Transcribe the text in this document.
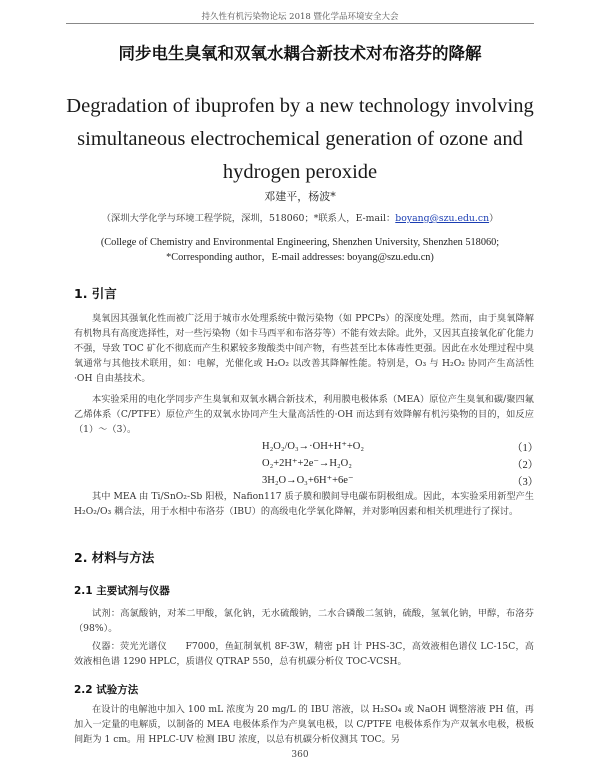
持久性有机污染物论坛 2018 暨化学品环境安全大会
同步电生臭氧和双氧水耦合新技术对布洛芬的降解
Degradation of ibuprofen by a new technology involving simultaneous electrochemical generation of ozone and hydrogen peroxide
邓建平，杨波*
（深圳大学化学与环境工程学院，深圳，518060；*联系人，E-mail：boyang@szu.edu.cn）
(College of Chemistry and Environmental Engineering, Shenzhen University, Shenzhen 518060;
*Corresponding author，E-mail addresses: boyang@szu.edu.cn)
1. 引言
臭氧因其强氧化性而被广泛用于城市水处理系统中微污染物（如 PPCPs）的深度处理。然而，由于臭氧降解有机物具有高度选择性，对一些污染物（如卡马西平和布洛芬等）不能有效去除。此外，又因其直接氧化矿化能力不强，导致 TOC 矿化不彻底而产生积累较多羧酸类中间产物，有些甚至比本体毒性更强。因此在水处理过程中臭氧通常与其他技术联用，如：电解，光催化或 H₂O₂ 以改善其降解性能。特别是，O₃ 与 H₂O₂ 协同产生高活性·OH 自由基技术。
本实验采用的电化学同步产生臭氧和双氧水耦合新技术，利用膜电极体系（MEA）原位产生臭氧和碳/聚四氟乙烯体系（C/PTFE）原位产生的双氧水协同产生大量高活性的·OH 而达到有效降解有机污染物的目的，如反应（1）～（3）。
H₂O₂/O₃→·OH+H⁺+O₂	（1）
O₂+2H⁺+2e⁻→H₂O₂	（2）
3H₂O→O₃+6H⁺+6e⁻	（3）
其中 MEA 由 Ti/SnO₂-Sb 阳极，Nafion117 质子膜和膜间导电碳布阴极组成。因此，本实验采用新型产生 H₂O₂/O₃ 耦合法，用于水相中布洛芬（IBU）的高级电化学氧化降解，并对影响因素和相关机理进行了探讨。
2. 材料与方法
2.1 主要试剂与仪器
试剂：高氯酸钠，对苯二甲酸，氯化钠，无水硫酸钠，二水合磷酸二氢钠，硫酸，氢氧化钠，甲醇，布洛芬（98%）。
仪器：荧光光谱仪　　F7000，鱼缸制氧机 8F-3W，精密 pH 计 PHS-3C，高效液相色谱仪 LC-15C，高效液相色谱 1290 HPLC，质谱仪 QTRAP 550，总有机碳分析仪 TOC-VCSH。
2.2 试验方法
在设计的电解池中加入 100 mL 浓度为 20 mg/L 的 IBU 溶液，以 H₂SO₄ 或 NaOH 调整溶液 PH 值，再加入一定量的电解质，以制备的 MEA 电极体系作为产臭氧电极，以 C/PTFE 电极体系作为产双氧水电极，极板间距为 1 cm。用 HPLC-UV 检测 IBU 浓度，以总有机碳分析仪测其 TOC。另
360
